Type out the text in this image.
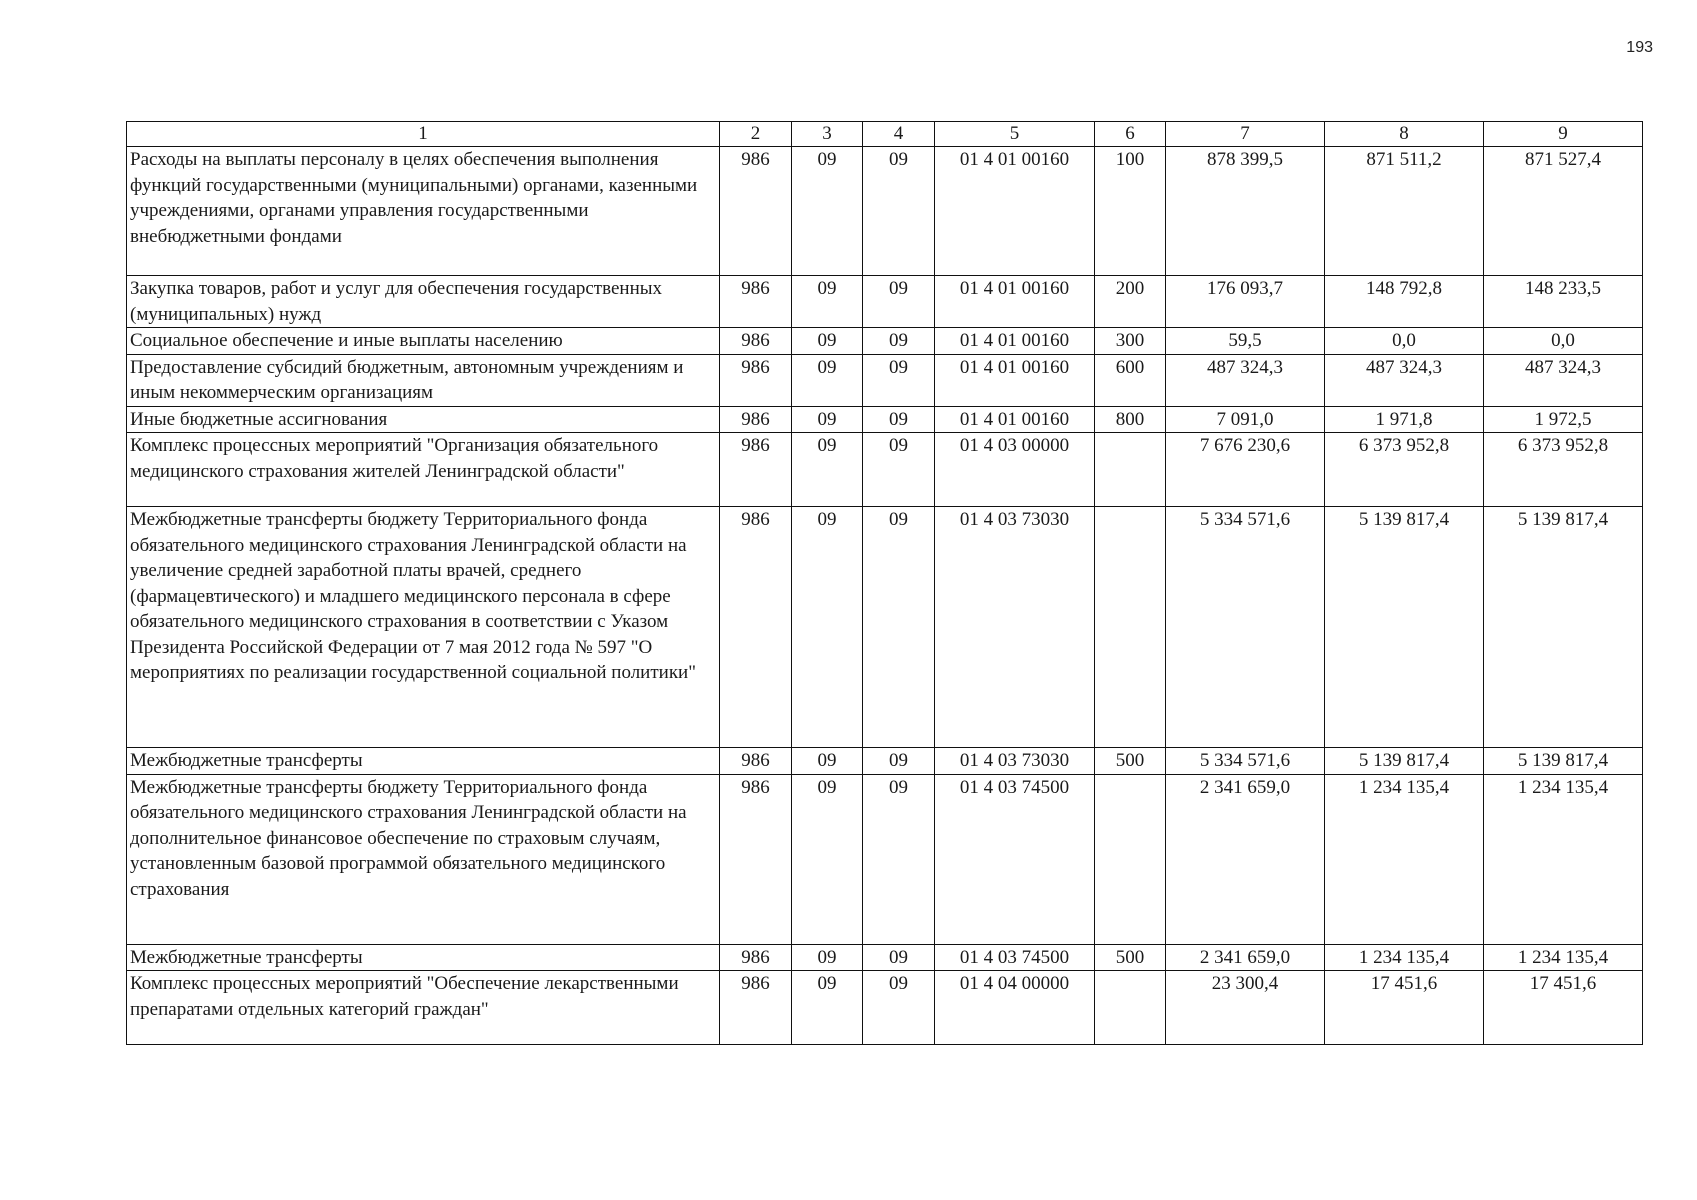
193
1	2	3	4	5	6	7	8	9
Расходы на выплаты персоналу в целях обеспечения выполнения функций государственными (муниципальными) органами, казенными учреждениями, органами управления государственными внебюджетными фондами	986	09	09	01 4 01 00160	100	878 399,5	871 511,2	871 527,4
Закупка товаров, работ и услуг для обеспечения государственных (муниципальных) нужд	986	09	09	01 4 01 00160	200	176 093,7	148 792,8	148 233,5
Социальное обеспечение и иные выплаты населению	986	09	09	01 4 01 00160	300	59,5	0,0	0,0
Предоставление субсидий бюджетным, автономным учреждениям и иным некоммерческим организациям	986	09	09	01 4 01 00160	600	487 324,3	487 324,3	487 324,3
Иные бюджетные ассигнования	986	09	09	01 4 01 00160	800	7 091,0	1 971,8	1 972,5
Комплекс процессных мероприятий "Организация обязательного медицинского страхования жителей Ленинградской области"	986	09	09	01 4 03 00000		7 676 230,6	6 373 952,8	6 373 952,8
Межбюджетные трансферты бюджету Территориального фонда обязательного медицинского страхования Ленинградской области на увеличение средней заработной платы врачей, среднего (фармацевтического) и младшего медицинского персонала в сфере обязательного медицинского страхования в соответствии с Указом Президента Российской Федерации от 7 мая 2012 года № 597 "О мероприятиях по реализации государственной социальной политики"	986	09	09	01 4 03 73030		5 334 571,6	5 139 817,4	5 139 817,4
Межбюджетные трансферты	986	09	09	01 4 03 73030	500	5 334 571,6	5 139 817,4	5 139 817,4
Межбюджетные трансферты бюджету Территориального фонда обязательного медицинского страхования Ленинградской области на дополнительное финансовое обеспечение по страховым случаям, установленным базовой программой обязательного медицинского страхования	986	09	09	01 4 03 74500		2 341 659,0	1 234 135,4	1 234 135,4
Межбюджетные трансферты	986	09	09	01 4 03 74500	500	2 341 659,0	1 234 135,4	1 234 135,4
Комплекс процессных мероприятий "Обеспечение лекарственными препаратами отдельных категорий граждан"	986	09	09	01 4 04 00000		23 300,4	17 451,6	17 451,6
